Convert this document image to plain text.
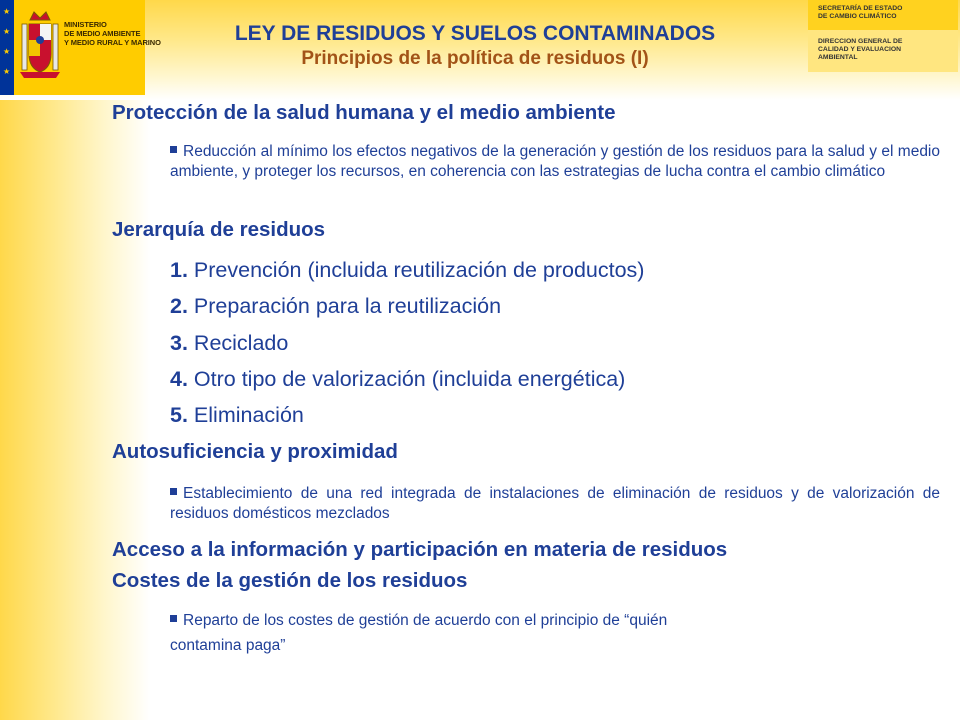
★
★
★
★
MINISTERIO
DE MEDIO AMBIENTE
Y MEDIO RURAL Y MARINO	LEY DE RESIDUOS Y SUELOS CONTAMINADOS
Principios de la política de residuos (I)
SECRETARÍA DE ESTADO
DE CAMBIO CLIMÁTICO
DIRECCION GENERAL DE
CALIDAD Y EVALUACION
AMBIENTAL
Protección de la salud humana y el medio ambiente
Reducción al mínimo los efectos negativos de la generación y gestión de los residuos para la salud y el medio ambiente, y proteger los recursos, en coherencia con las estrategias de lucha contra el cambio climático
Jerarquía de residuos
1. Prevención (incluida reutilización de productos)
2. Preparación para la reutilización
3. Reciclado
4. Otro tipo de valorización (incluida energética)
5. Eliminación
Autosuficiencia y proximidad
Establecimiento de una red integrada de instalaciones de eliminación de residuos y de valorización de residuos domésticos mezclados
Acceso a la información y participación en materia de residuos
Costes de la gestión de los residuos
Reparto de los costes de gestión de acuerdo con el principio de “quién
contamina paga”
